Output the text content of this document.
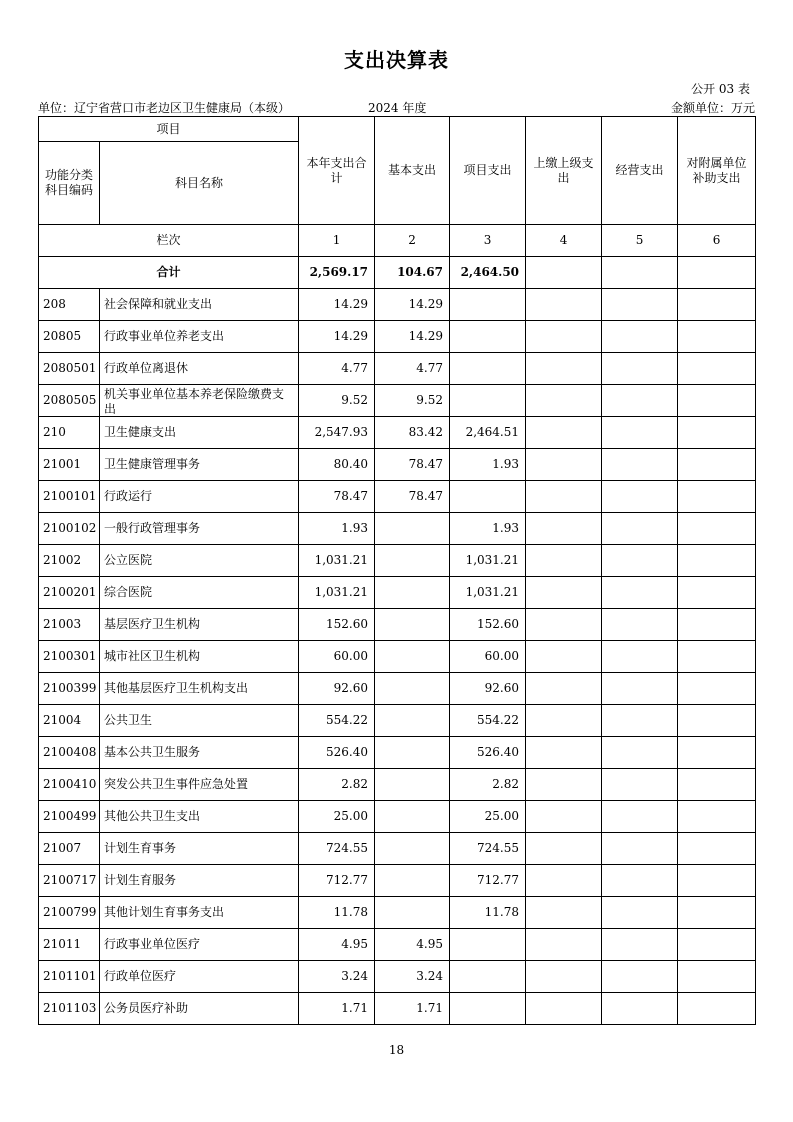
支出决算表
公开 03 表
单位：辽宁省营口市老边区卫生健康局（本级）	2024 年度	金额单位：万元
项目		本年支出合计	基本支出	项目支出	上缴上级支出	经营支出	对附属单位补助支出
功能分类科目编码	科目名称						
栏次		1	2	3	4	5	6
合计		2,569.17	104.67	2,464.50			
208	社会保障和就业支出	14.29	14.29				
20805	行政事业单位养老支出	14.29	14.29				
2080501	行政单位离退休	4.77	4.77				
2080505	机关事业单位基本养老保险缴费支出	9.52	9.52				
210	卫生健康支出	2,547.93	83.42	2,464.51			
21001	卫生健康管理事务	80.40	78.47	1.93			
2100101	行政运行	78.47	78.47				
2100102	一般行政管理事务	1.93		1.93			
21002	公立医院	1,031.21		1,031.21			
2100201	综合医院	1,031.21		1,031.21			
21003	基层医疗卫生机构	152.60		152.60			
2100301	城市社区卫生机构	60.00		60.00			
2100399	其他基层医疗卫生机构支出	92.60		92.60			
21004	公共卫生	554.22		554.22			
2100408	基本公共卫生服务	526.40		526.40			
2100410	突发公共卫生事件应急处置	2.82		2.82			
2100499	其他公共卫生支出	25.00		25.00			
21007	计划生育事务	724.55		724.55			
2100717	计划生育服务	712.77		712.77			
2100799	其他计划生育事务支出	11.78		11.78			
21011	行政事业单位医疗	4.95	4.95				
2101101	行政单位医疗	3.24	3.24				
2101103	公务员医疗补助	1.71	1.71				
18
